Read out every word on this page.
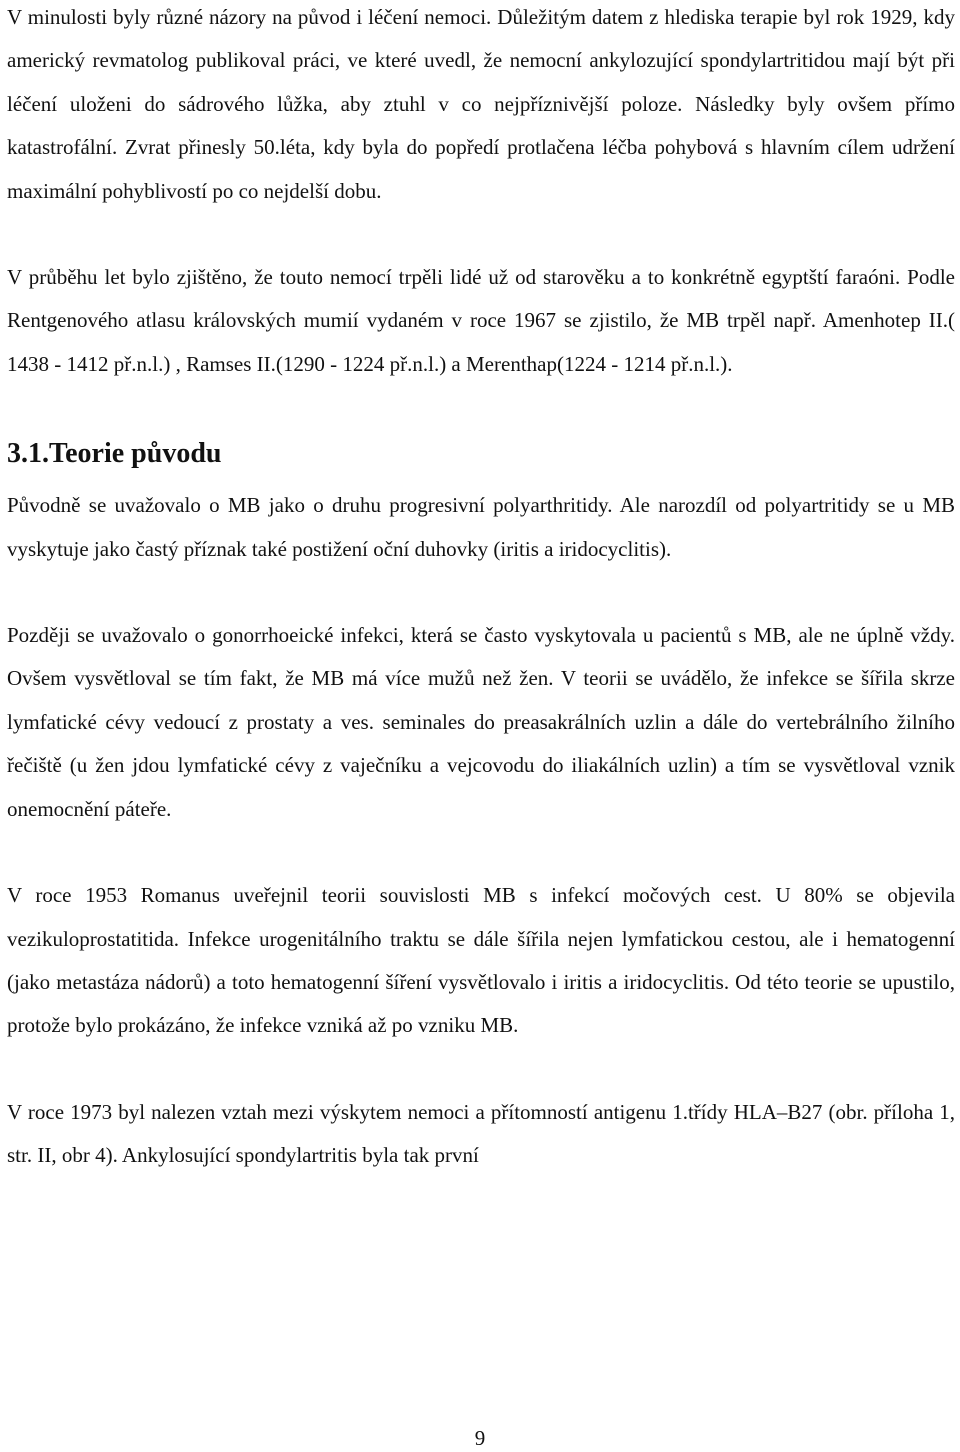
V minulosti byly různé názory na původ i léčení nemoci. Důležitým datem z hlediska terapie byl rok 1929, kdy americký revmatolog publikoval práci, ve které uvedl, že nemocní ankylozující spondylartritidou mají být při léčení uloženi do sádrového lůžka, aby ztuhl v co nejpříznivější poloze. Následky byly ovšem přímo katastrofální. Zvrat přinesly 50.léta, kdy byla do popředí protlačena léčba pohybová s hlavním cílem udržení maximální pohyblivostí po co nejdelší dobu.

V průběhu let bylo zjištěno, že touto nemocí trpěli lidé už od starověku a to konkrétně egyptští faraóni. Podle Rentgenového atlasu královských mumií vydaném v roce 1967 se zjistilo, že MB trpěl např. Amenhotep II.( 1438 - 1412 př.n.l.) , Ramses II.(1290 - 1224 př.n.l.) a Merenthap(1224 - 1214 př.n.l.).

3.1.Teorie původu

Původně se uvažovalo o MB jako o druhu progresivní polyarthritidy. Ale narozdíl od polyartritidy se u MB vyskytuje jako častý příznak také postižení oční duhovky (iritis a iridocyclitis).

Později se uvažovalo o gonorrhoeické infekci, která se často vyskytovala u pacientů s MB, ale ne úplně vždy. Ovšem vysvětloval se tím fakt, že MB má více mužů než žen. V teorii se uvádělo, že infekce se šířila skrze lymfatické cévy vedoucí z prostaty a ves. seminales do preasakrálních uzlin a dále do vertebrálního žilního řečiště (u žen jdou lymfatické cévy z vaječníku a vejcovodu do iliakálních uzlin) a tím se vysvětloval vznik onemocnění páteře.

V roce 1953 Romanus uveřejnil teorii souvislosti MB s infekcí močových cest. U 80% se objevila vezikuloprostatitida. Infekce urogenitálního traktu se dále šířila nejen lymfatickou cestou, ale i hematogenní (jako metastáza nádorů) a toto hematogenní šíření vysvětlovalo i iritis a iridocyclitis. Od této teorie se upustilo, protože bylo prokázáno, že infekce vzniká až po vzniku MB.

V roce 1973 byl nalezen vztah mezi výskytem nemoci a přítomností antigenu 1.třídy HLA–B27 (obr. příloha 1, str. II, obr 4). Ankylosující spondylartritis byla tak první

9
